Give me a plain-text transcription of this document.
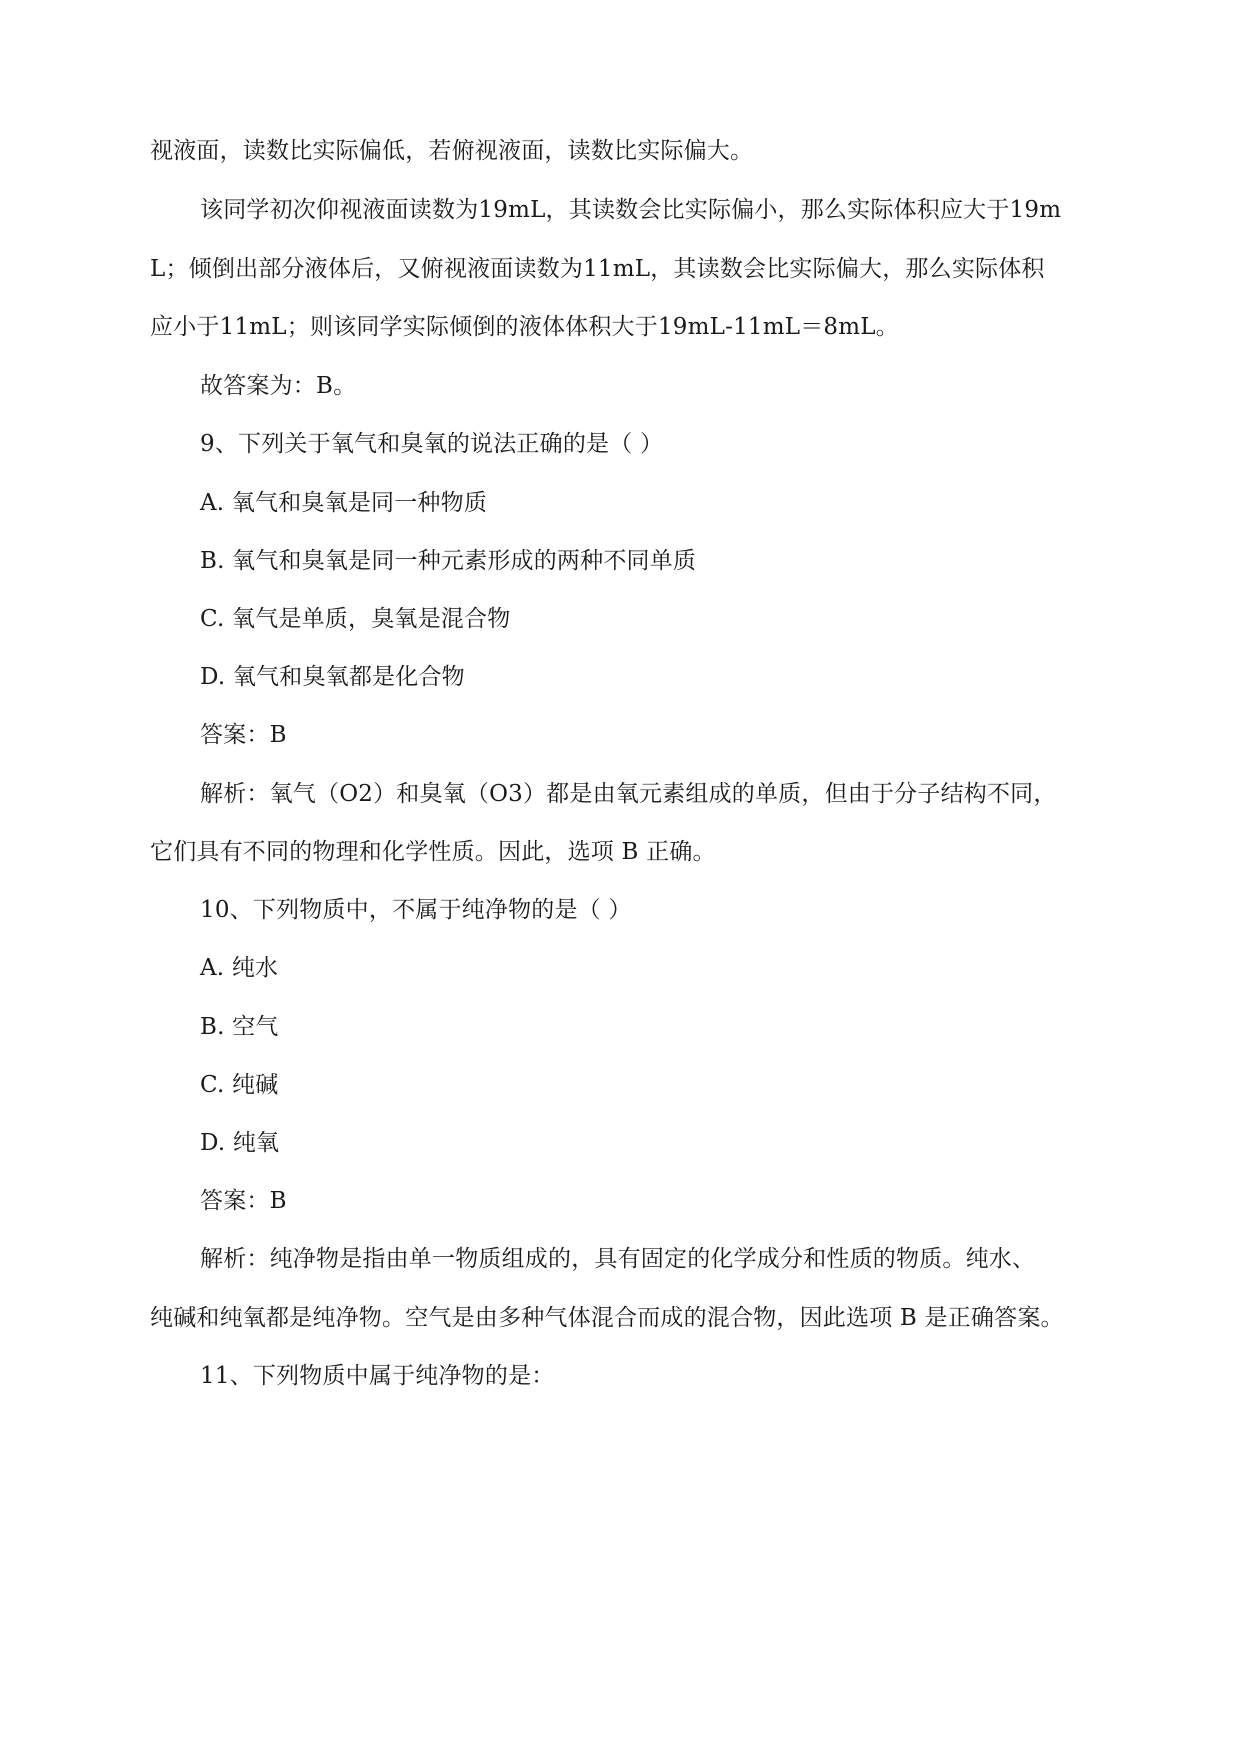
视液面，读数比实际偏低，若俯视液面，读数比实际偏大。
该同学初次仰视液面读数为19mL，其读数会比实际偏小，那么实际体积应大于19m
L；倾倒出部分液体后，又俯视液面读数为11mL，其读数会比实际偏大，那么实际体积
应小于11mL；则该同学实际倾倒的液体体积大于19mL-11mL＝8mL。
故答案为：B。
9、下列关于氧气和臭氧的说法正确的是（ ）
A. 氧气和臭氧是同一种物质
B. 氧气和臭氧是同一种元素形成的两种不同单质
C. 氧气是单质，臭氧是混合物
D. 氧气和臭氧都是化合物
答案：B
解析：氧气（O2）和臭氧（O3）都是由氧元素组成的单质，但由于分子结构不同，
它们具有不同的物理和化学性质。因此，选项 B 正确。
10、下列物质中，不属于纯净物的是（ ）
A. 纯水
B. 空气
C. 纯碱
D. 纯氧
答案：B
解析：纯净物是指由单一物质组成的，具有固定的化学成分和性质的物质。纯水、
纯碱和纯氧都是纯净物。空气是由多种气体混合而成的混合物，因此选项 B 是正确答案。
11、下列物质中属于纯净物的是：
